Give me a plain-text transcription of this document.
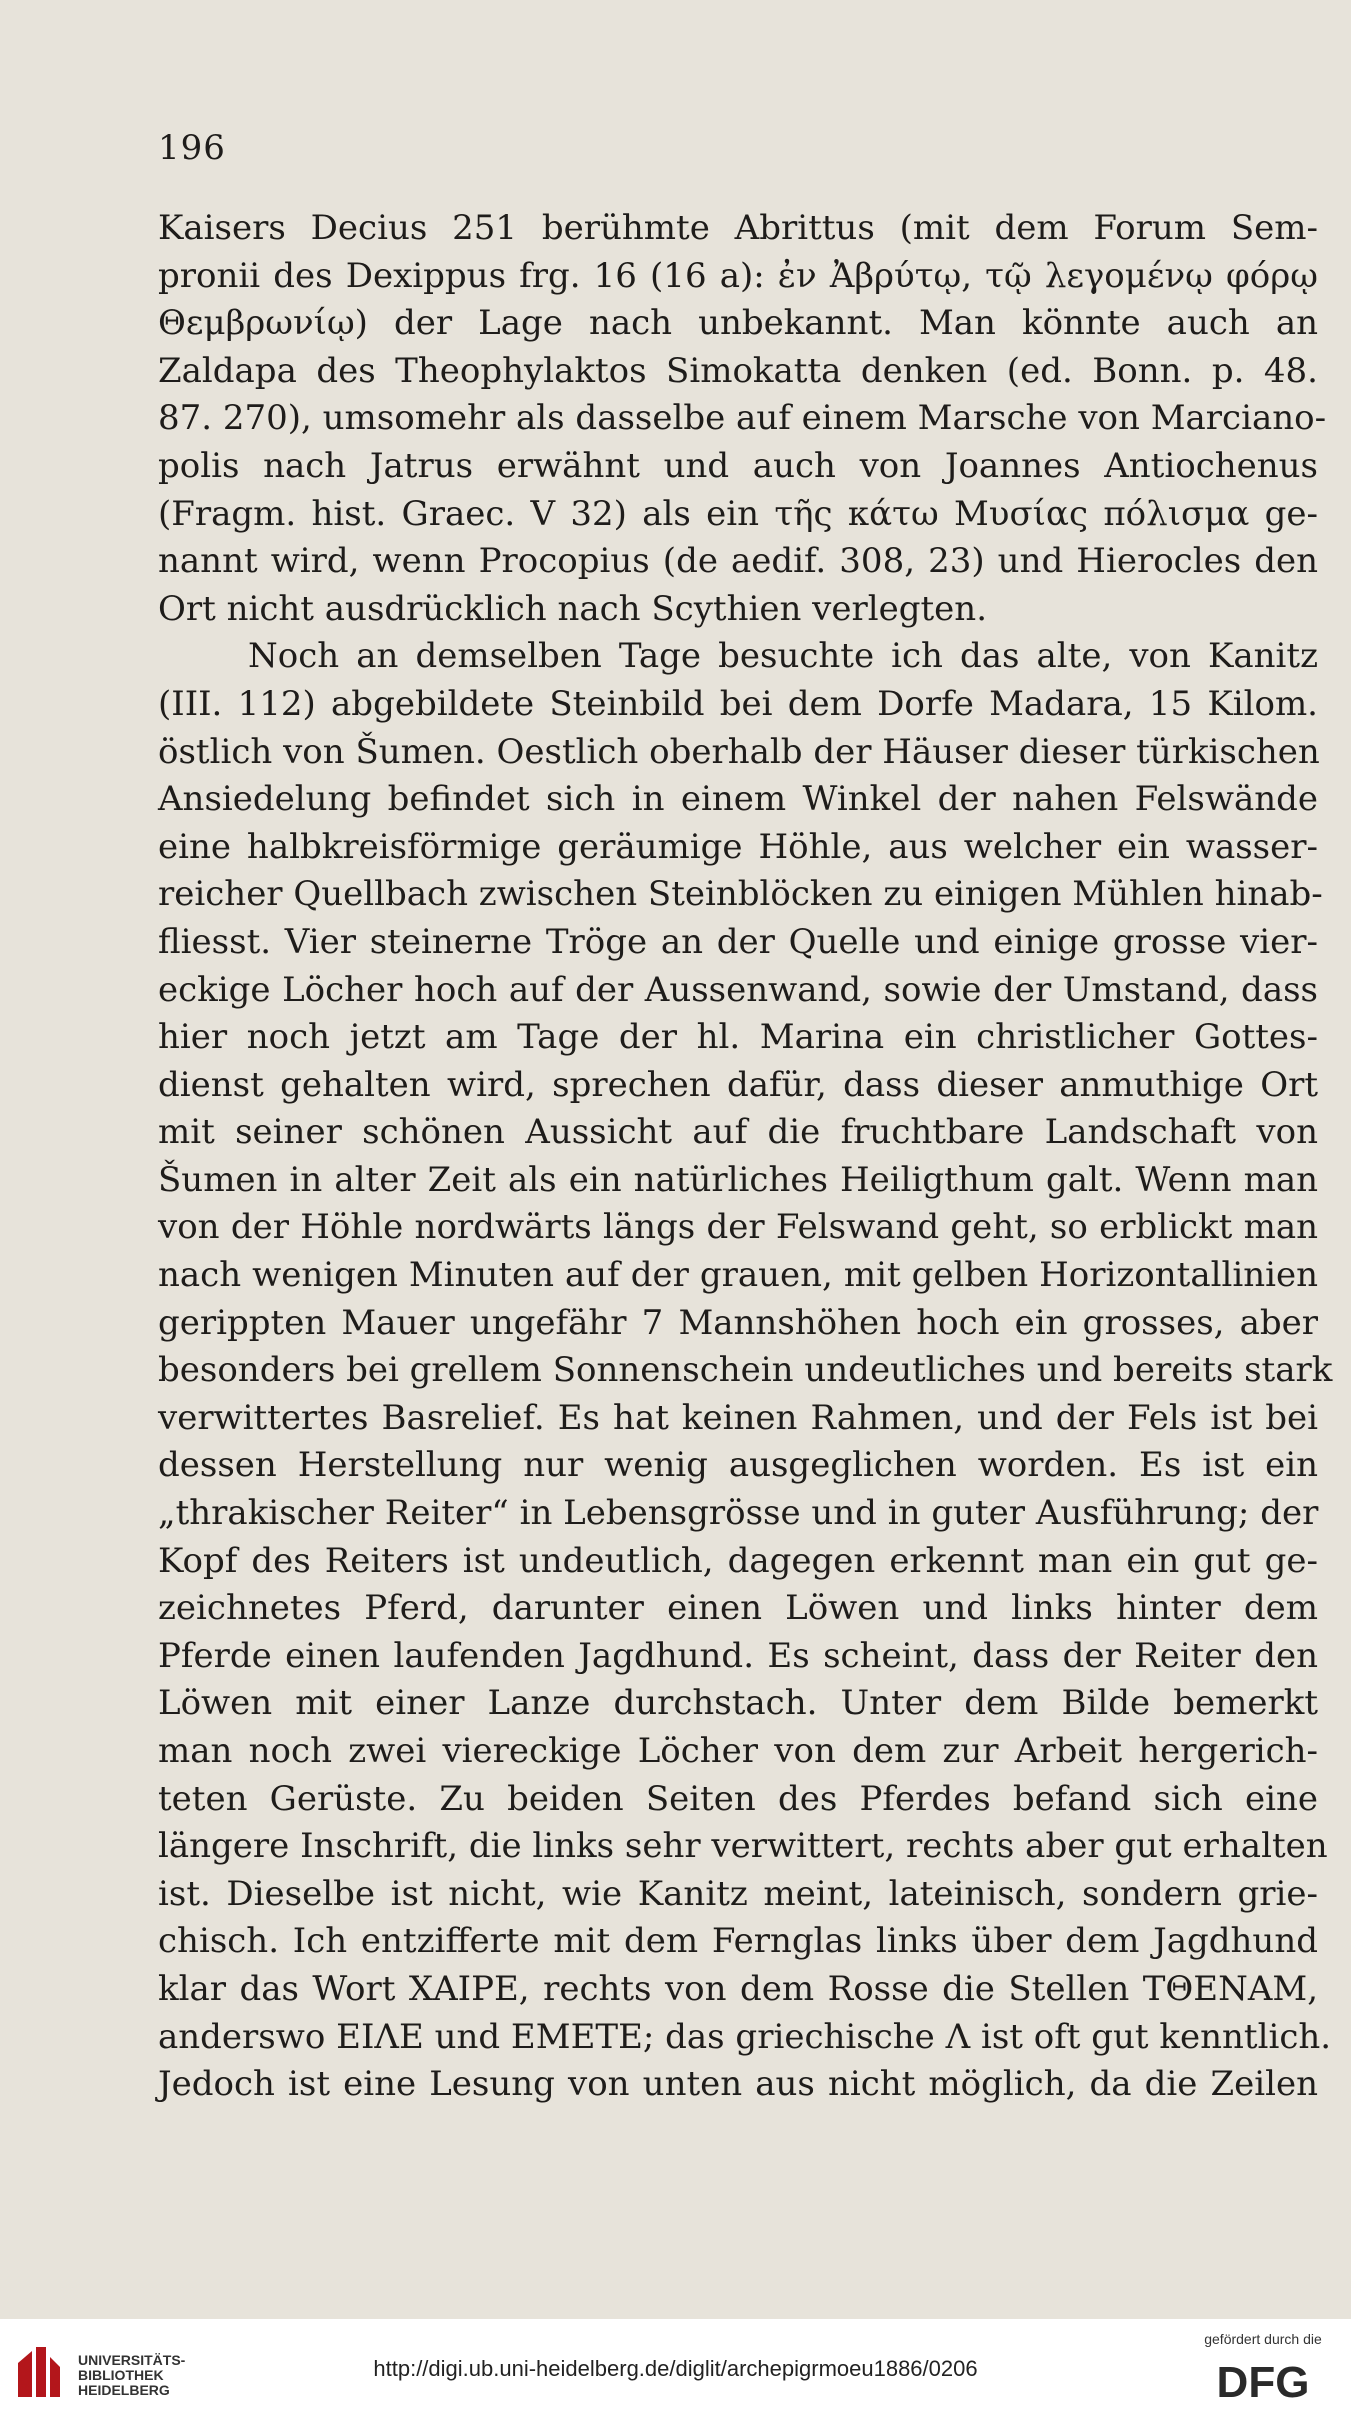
196
Kaisers Decius 251 berühmte Abrittus (mit dem Forum Sem-
pronii des Dexippus frg. 16 (16 a): ἐν Ἀβρύτῳ, τῷ λεγομένῳ φόρῳ
Θεμβρωνίῳ) der Lage nach unbekannt. Man könnte auch an
Zaldapa des Theophylaktos Simokatta denken (ed. Bonn. p. 48.
87. 270), umsomehr als dasselbe auf einem Marsche von Marciano-
polis nach Jatrus erwähnt und auch von Joannes Antiochenus
(Fragm. hist. Graec. V 32) als ein τῆς κάτω Μυσίας πόλισμα ge-
nannt wird, wenn Procopius (de aedif. 308, 23) und Hierocles den
Ort nicht ausdrücklich nach Scythien verlegten.
Noch an demselben Tage besuchte ich das alte, von Kanitz
(III. 112) abgebildete Steinbild bei dem Dorfe Madara, 15 Kilom.
östlich von Šumen. Oestlich oberhalb der Häuser dieser türkischen
Ansiedelung befindet sich in einem Winkel der nahen Felswände
eine halbkreisförmige geräumige Höhle, aus welcher ein wasser-
reicher Quellbach zwischen Steinblöcken zu einigen Mühlen hinab-
fliesst. Vier steinerne Tröge an der Quelle und einige grosse vier-
eckige Löcher hoch auf der Aussenwand, sowie der Umstand, dass
hier noch jetzt am Tage der hl. Marina ein christlicher Gottes-
dienst gehalten wird, sprechen dafür, dass dieser anmuthige Ort
mit seiner schönen Aussicht auf die fruchtbare Landschaft von
Šumen in alter Zeit als ein natürliches Heiligthum galt. Wenn man
von der Höhle nordwärts längs der Felswand geht, so erblickt man
nach wenigen Minuten auf der grauen, mit gelben Horizontallinien
gerippten Mauer ungefähr 7 Mannshöhen hoch ein grosses, aber
besonders bei grellem Sonnenschein undeutliches und bereits stark
verwittertes Basrelief. Es hat keinen Rahmen, und der Fels ist bei
dessen Herstellung nur wenig ausgeglichen worden. Es ist ein
„thrakischer Reiter“ in Lebensgrösse und in guter Ausführung; der
Kopf des Reiters ist undeutlich, dagegen erkennt man ein gut ge-
zeichnetes Pferd, darunter einen Löwen und links hinter dem
Pferde einen laufenden Jagdhund. Es scheint, dass der Reiter den
Löwen mit einer Lanze durchstach. Unter dem Bilde bemerkt
man noch zwei viereckige Löcher von dem zur Arbeit hergerich-
teten Gerüste. Zu beiden Seiten des Pferdes befand sich eine
längere Inschrift, die links sehr verwittert, rechts aber gut erhalten
ist. Dieselbe ist nicht, wie Kanitz meint, lateinisch, sondern grie-
chisch. Ich entzifferte mit dem Fernglas links über dem Jagdhund
klar das Wort ΧΑΙΡΕ, rechts von dem Rosse die Stellen ΤΘΕΝΑΜ,
anderswo ΕΙΛΕ und ΕΜΕΤΕ; das griechische Λ ist oft gut kenntlich.
Jedoch ist eine Lesung von unten aus nicht möglich, da die Zeilen
UNIVERSITÄTS-
BIBLIOTHEK
HEIDELBERG
http://digi.ub.uni-heidelberg.de/diglit/archepigrmoeu1886/0206
gefördert durch die
DFG
